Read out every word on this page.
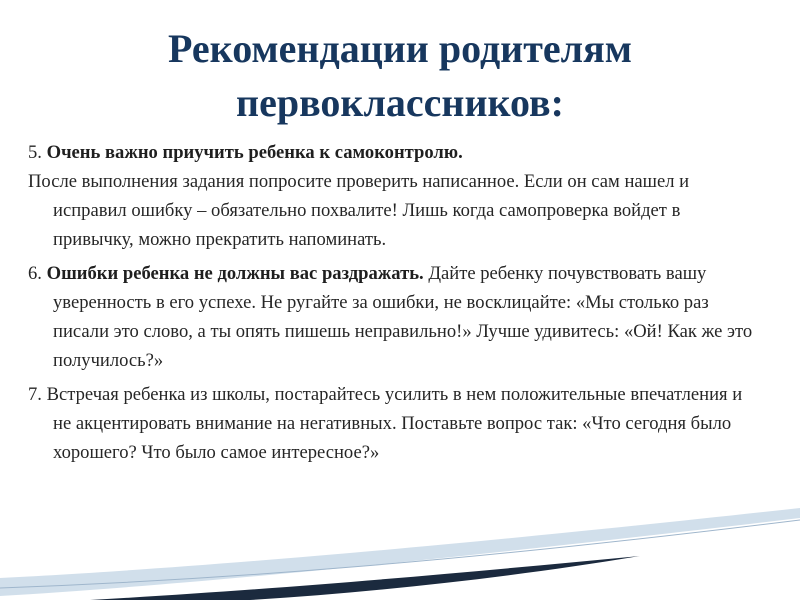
Рекомендации родителям
первоклассников:

5. Очень важно приучить ребенка к самоконтролю.

После выполнения задания попросите проверить написанное. Если он сам нашел и исправил ошибку – обязательно похвалите! Лишь когда самопроверка войдет в привычку, можно прекратить напоминать.

6. Ошибки ребенка не должны вас раздражать. Дайте ребенку почувствовать вашу уверенность в его успехе. Не ругайте за ошибки, не восклицайте: «Мы столько раз писали это слово, а ты опять пишешь неправильно!» Лучше удивитесь: «Ой! Как же это получилось?»

7. Встречая ребенка из школы, постарайтесь усилить в нем положительные впечатления и не акцентировать внимание на негативных. Поставьте вопрос так: «Что сегодня было хорошего? Что было самое интересное?»
